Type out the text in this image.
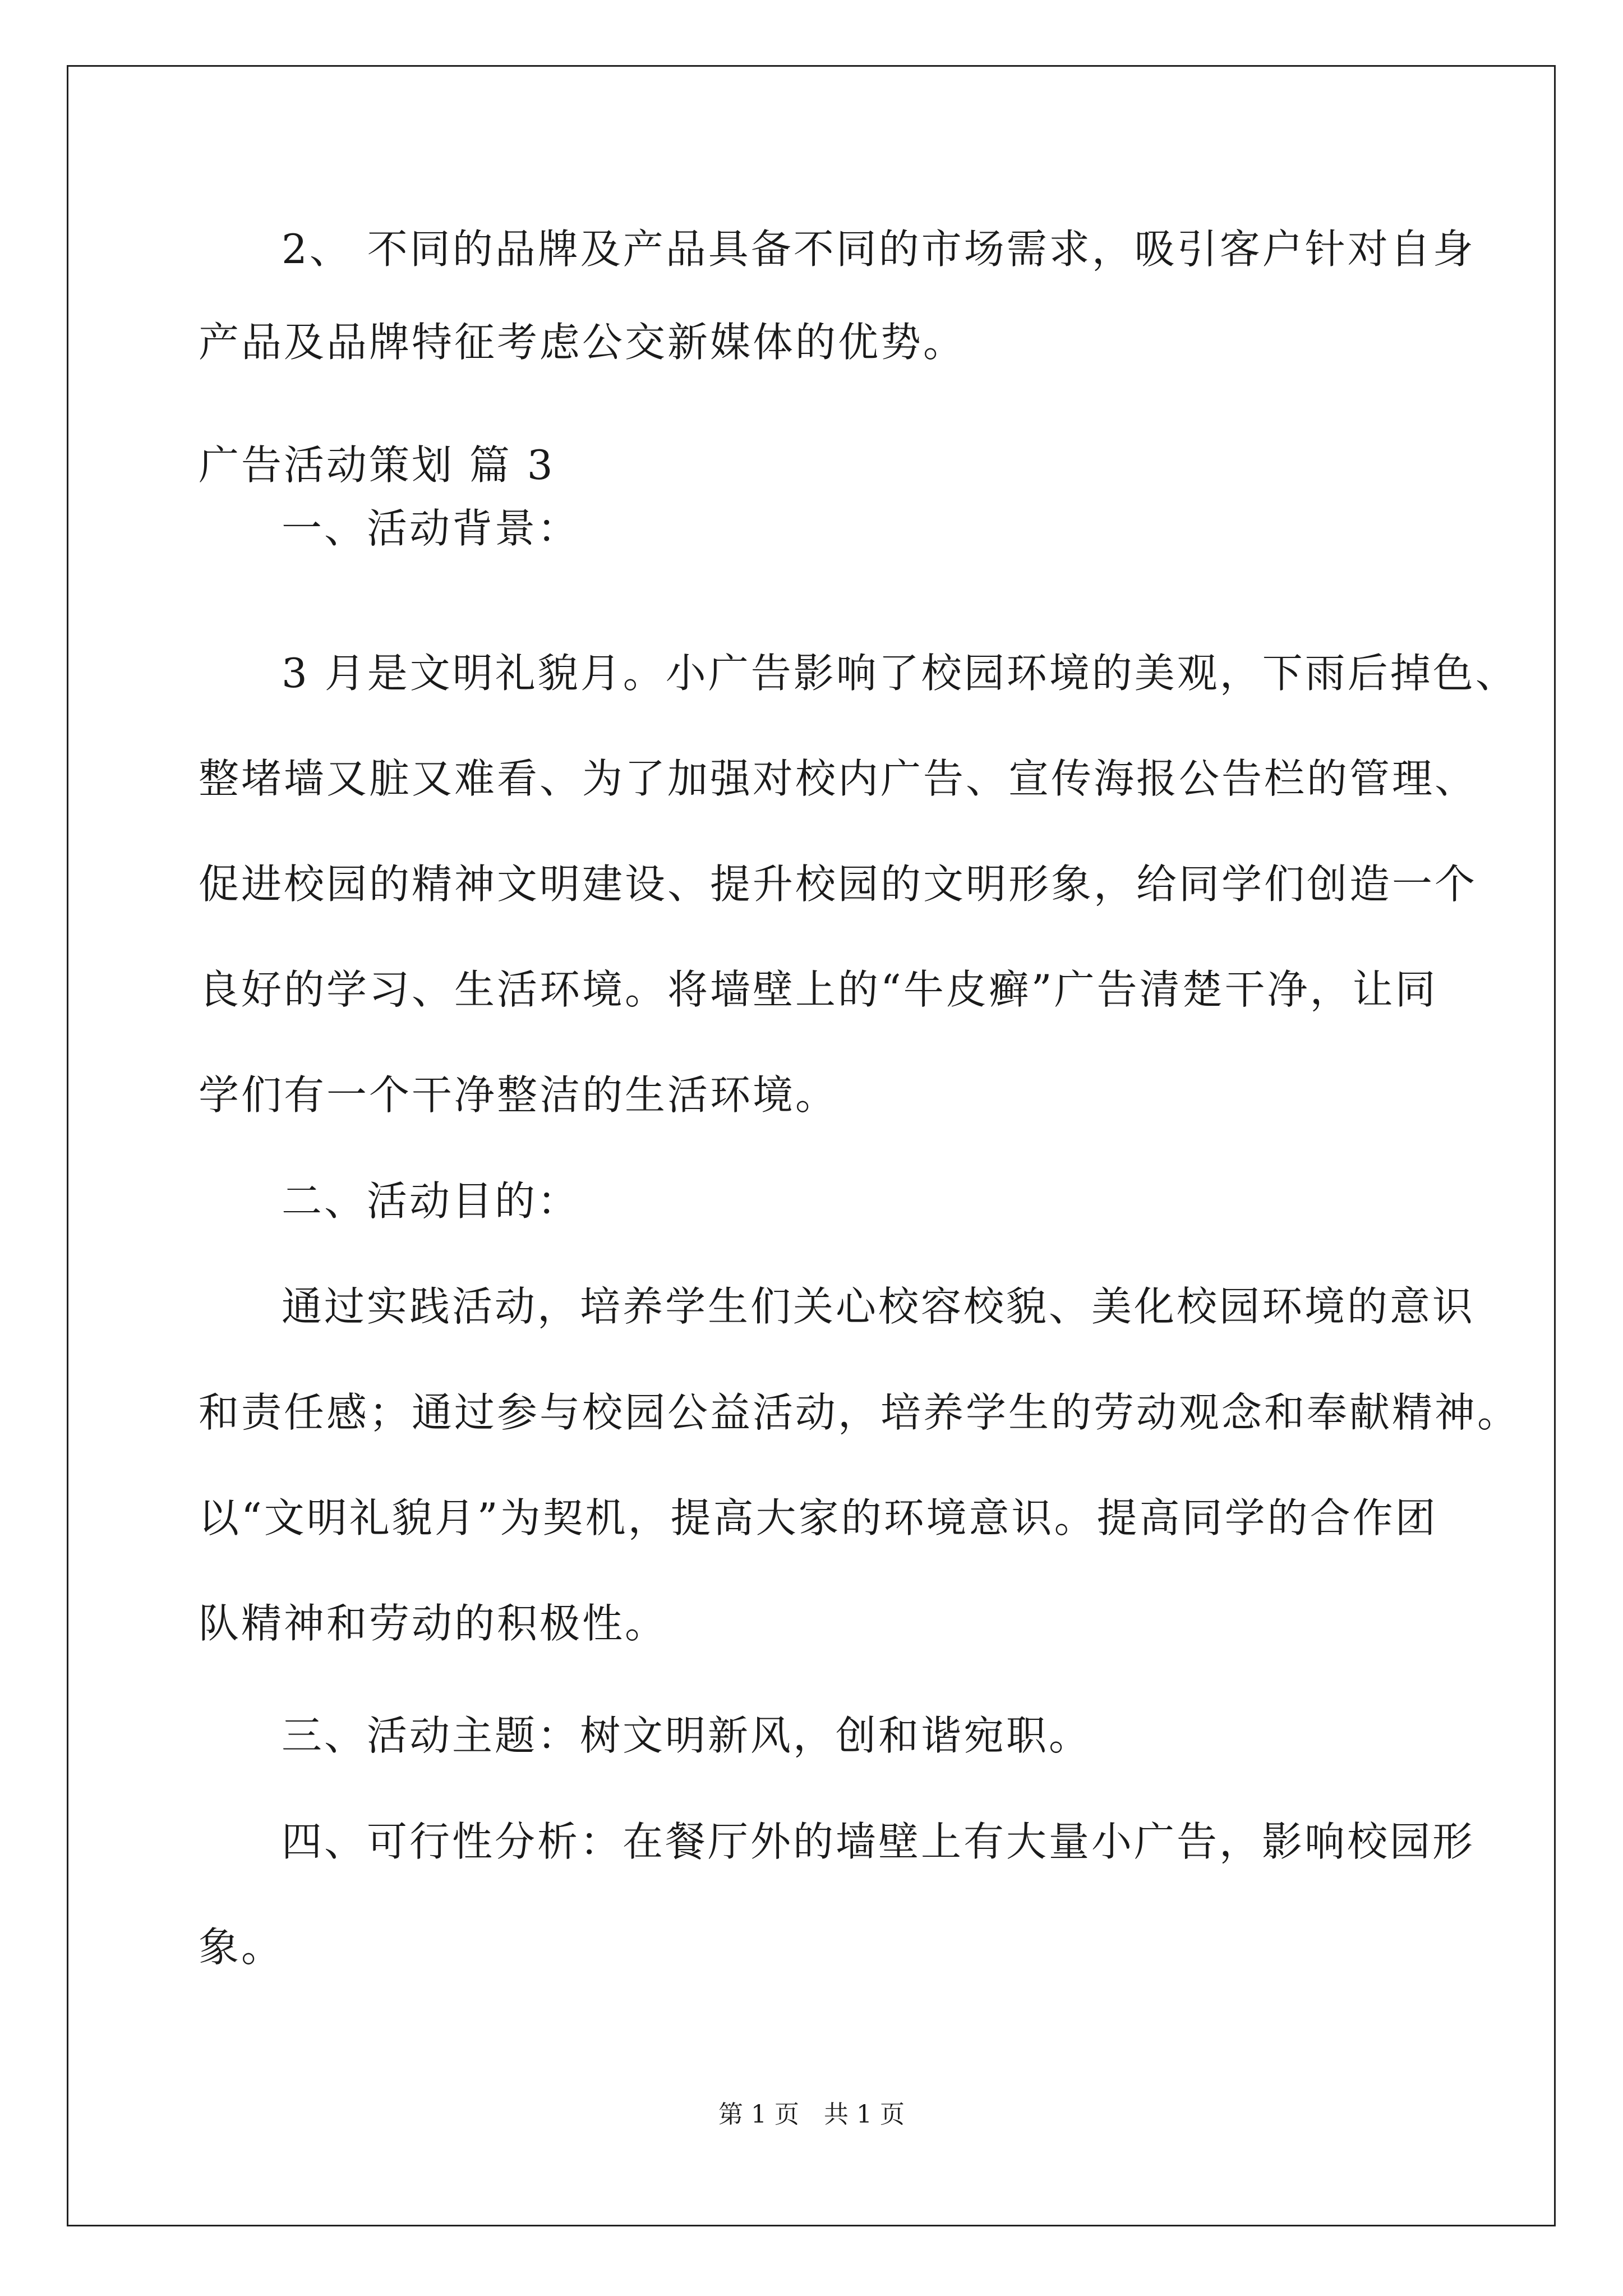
2、 不同的品牌及产品具备不同的市场需求，吸引客户针对自身

产品及品牌特征考虑公交新媒体的优势。

广告活动策划 篇 3

一、活动背景：

3 月是文明礼貌月。小广告影响了校园环境的美观，下雨后掉色、

整堵墙又脏又难看、为了加强对校内广告、宣传海报公告栏的管理、

促进校园的精神文明建设、提升校园的文明形象，给同学们创造一个

良好的学习、生活环境。将墙壁上的“牛皮癣”广告清楚干净，让同

学们有一个干净整洁的生活环境。

二、活动目的：

通过实践活动，培养学生们关心校容校貌、美化校园环境的意识

和责任感；通过参与校园公益活动，培养学生的劳动观念和奉献精神。

以“文明礼貌月”为契机，提高大家的环境意识。提高同学的合作团

队精神和劳动的积极性。

三、活动主题：树文明新风，创和谐宛职。

四、可行性分析：在餐厅外的墙壁上有大量小广告，影响校园形

象。

第 1 页　共 1 页
